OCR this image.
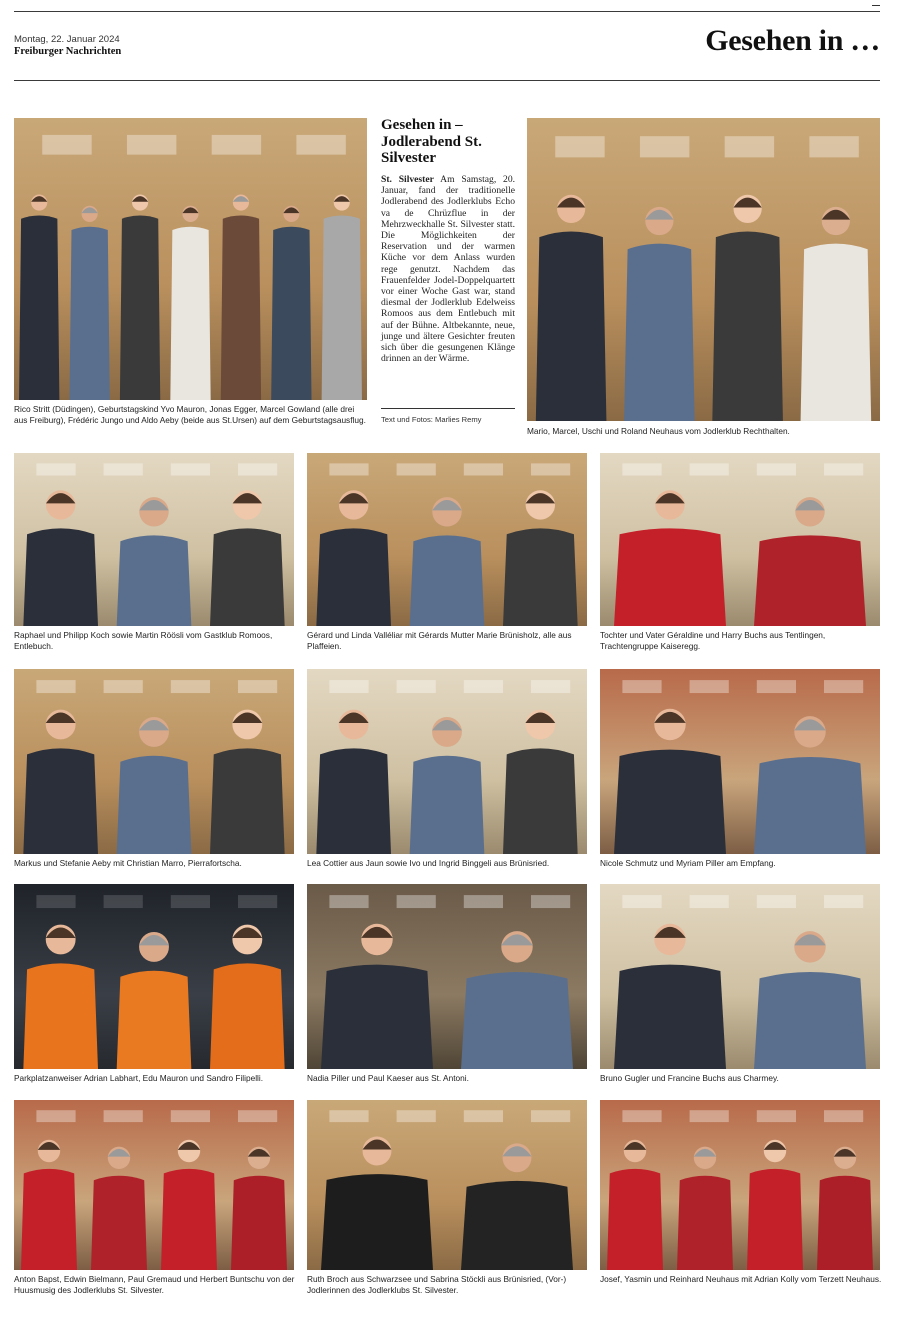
Montag, 22. Januar 2024
Freiburger Nachrichten	Gesehen in …
Gesehen in – Jodlerabend St. Silvester
St. Silvester Am Samstag, 20. Januar, fand der traditionelle Jodlerabend des Jodlerklubs Echo va de Chrüzflue in der Mehrzweckhalle St. Silvester statt. Die Möglichkeiten der Reservation und der warmen Küche vor dem Anlass wurden rege genutzt. Nachdem das Frauenfelder Jodel-Doppelquartett vor einer Woche Gast war, stand diesmal der Jodlerklub Edelweiss Romoos aus dem Entlebuch mit auf der Bühne. Altbekannte, neue, junge und ältere Gesichter freuten sich über die gesungenen Klänge drinnen an der Wärme.
Text und Fotos: Marlies Remy
Rico Stritt (Düdingen), Geburtstagskind Yvo Mauron, Jonas Egger, Marcel Gowland (alle drei aus Freiburg), Frédéric Jungo und Aldo Aeby (beide aus St.Ursen) auf dem Geburtstagsausflug.
Mario, Marcel, Uschi und Roland Neuhaus vom Jodlerklub Rechthalten.
Raphael und Philipp Koch sowie Martin Röösli vom Gastklub Romoos, Entlebuch.
Gérard und Linda Valléliar mit Gérards Mutter Marie Brünisholz, alle aus Plaffeien.
Tochter und Vater Géraldine und Harry Buchs aus Tentlingen, Trachtengruppe Kaiseregg.
Markus und Stefanie Aeby mit Christian Marro, Pierrafortscha.	Lea Cottier aus Jaun sowie Ivo und Ingrid Binggeli aus Brünisried.	Nicole Schmutz und Myriam Piller am Empfang.
Parkplatzanweiser Adrian Labhart, Edu Mauron und Sandro Filipelli.	Nadia Piller und Paul Kaeser aus St. Antoni.	Bruno Gugler und Francine Buchs aus Charmey.
Anton Bapst, Edwin Bielmann, Paul Gremaud und Herbert Buntschu von der Huusmusig des Jodlerklubs St. Silvester.
Ruth Broch aus Schwarzsee und Sabrina Stöckli aus Brünisried, (Vor-) Jodlerinnen des Jodlerklubs St. Silvester.
Josef, Yasmin und Reinhard Neuhaus mit Adrian Kolly vom Terzett Neuhaus.
